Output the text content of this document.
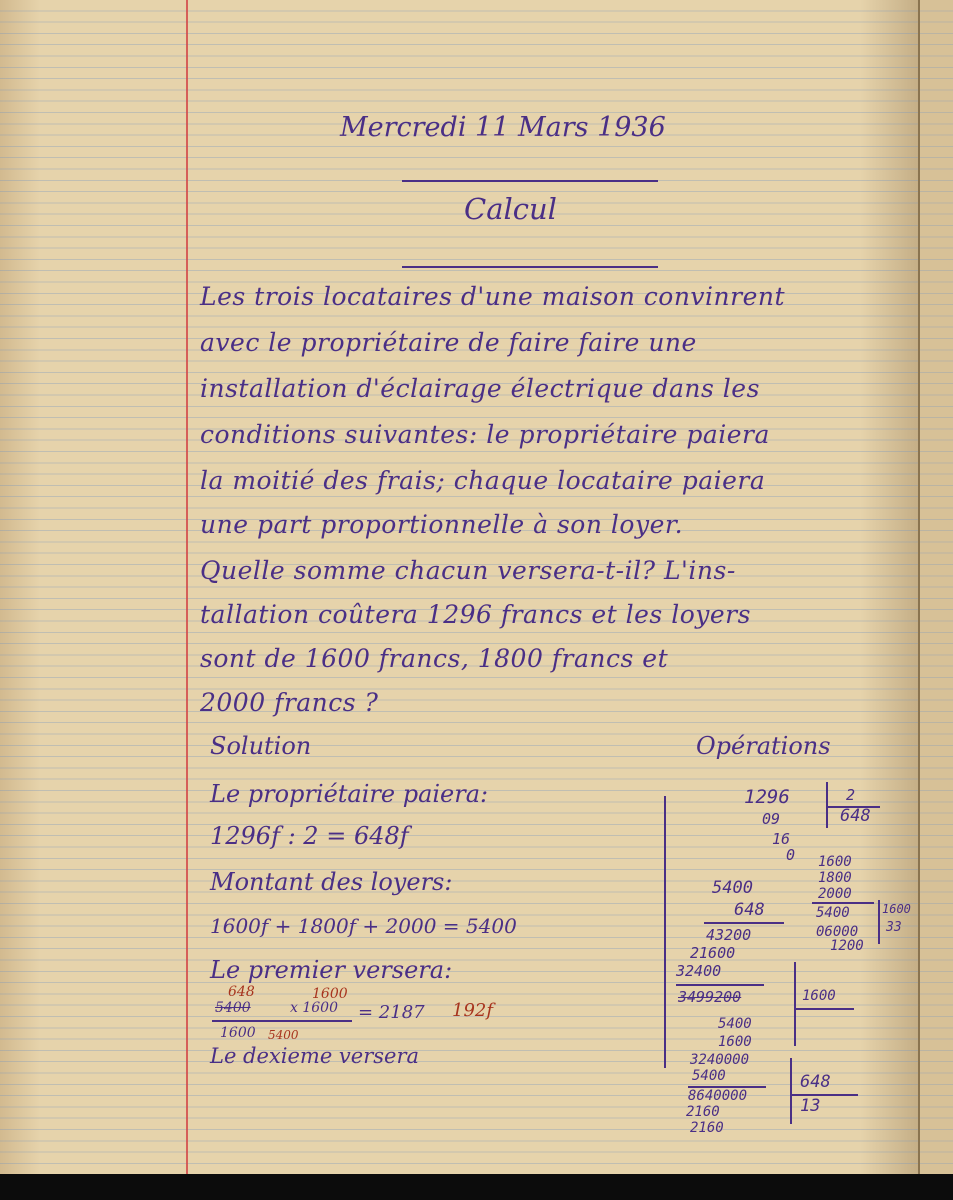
Mercredi 11 Mars 1936
Calcul
Les trois locataires d'une maison convinrent
avec le propriétaire de faire faire une
installation d'éclairage électrique dans les
conditions suivantes: le propriétaire paiera
la moitié des frais; chaque locataire paiera
une part proportionnelle à son loyer.
Quelle somme chacun versera-t-il? L'ins-
tallation coûtera 1296 francs et les loyers
sont de 1600 francs, 1800 francs et
2000 francs ?
Solution	Opérations
Le propriétaire paiera:
1296f : 2 = 648f
Montant des loyers:
1600f + 1800f + 2000 = 5400
Le premier versera:
648	1600
5400	x 1600
1600 5400
= 2187 192f
Le dexieme versera
1296	2
648
09
16
0 1600
1800
2000
5400
5400
648
43200
21600
32400
3499200
06000
1200
1600
33
1600
5400
1600
3240000
648
13
5400
8640000
2160
2160
